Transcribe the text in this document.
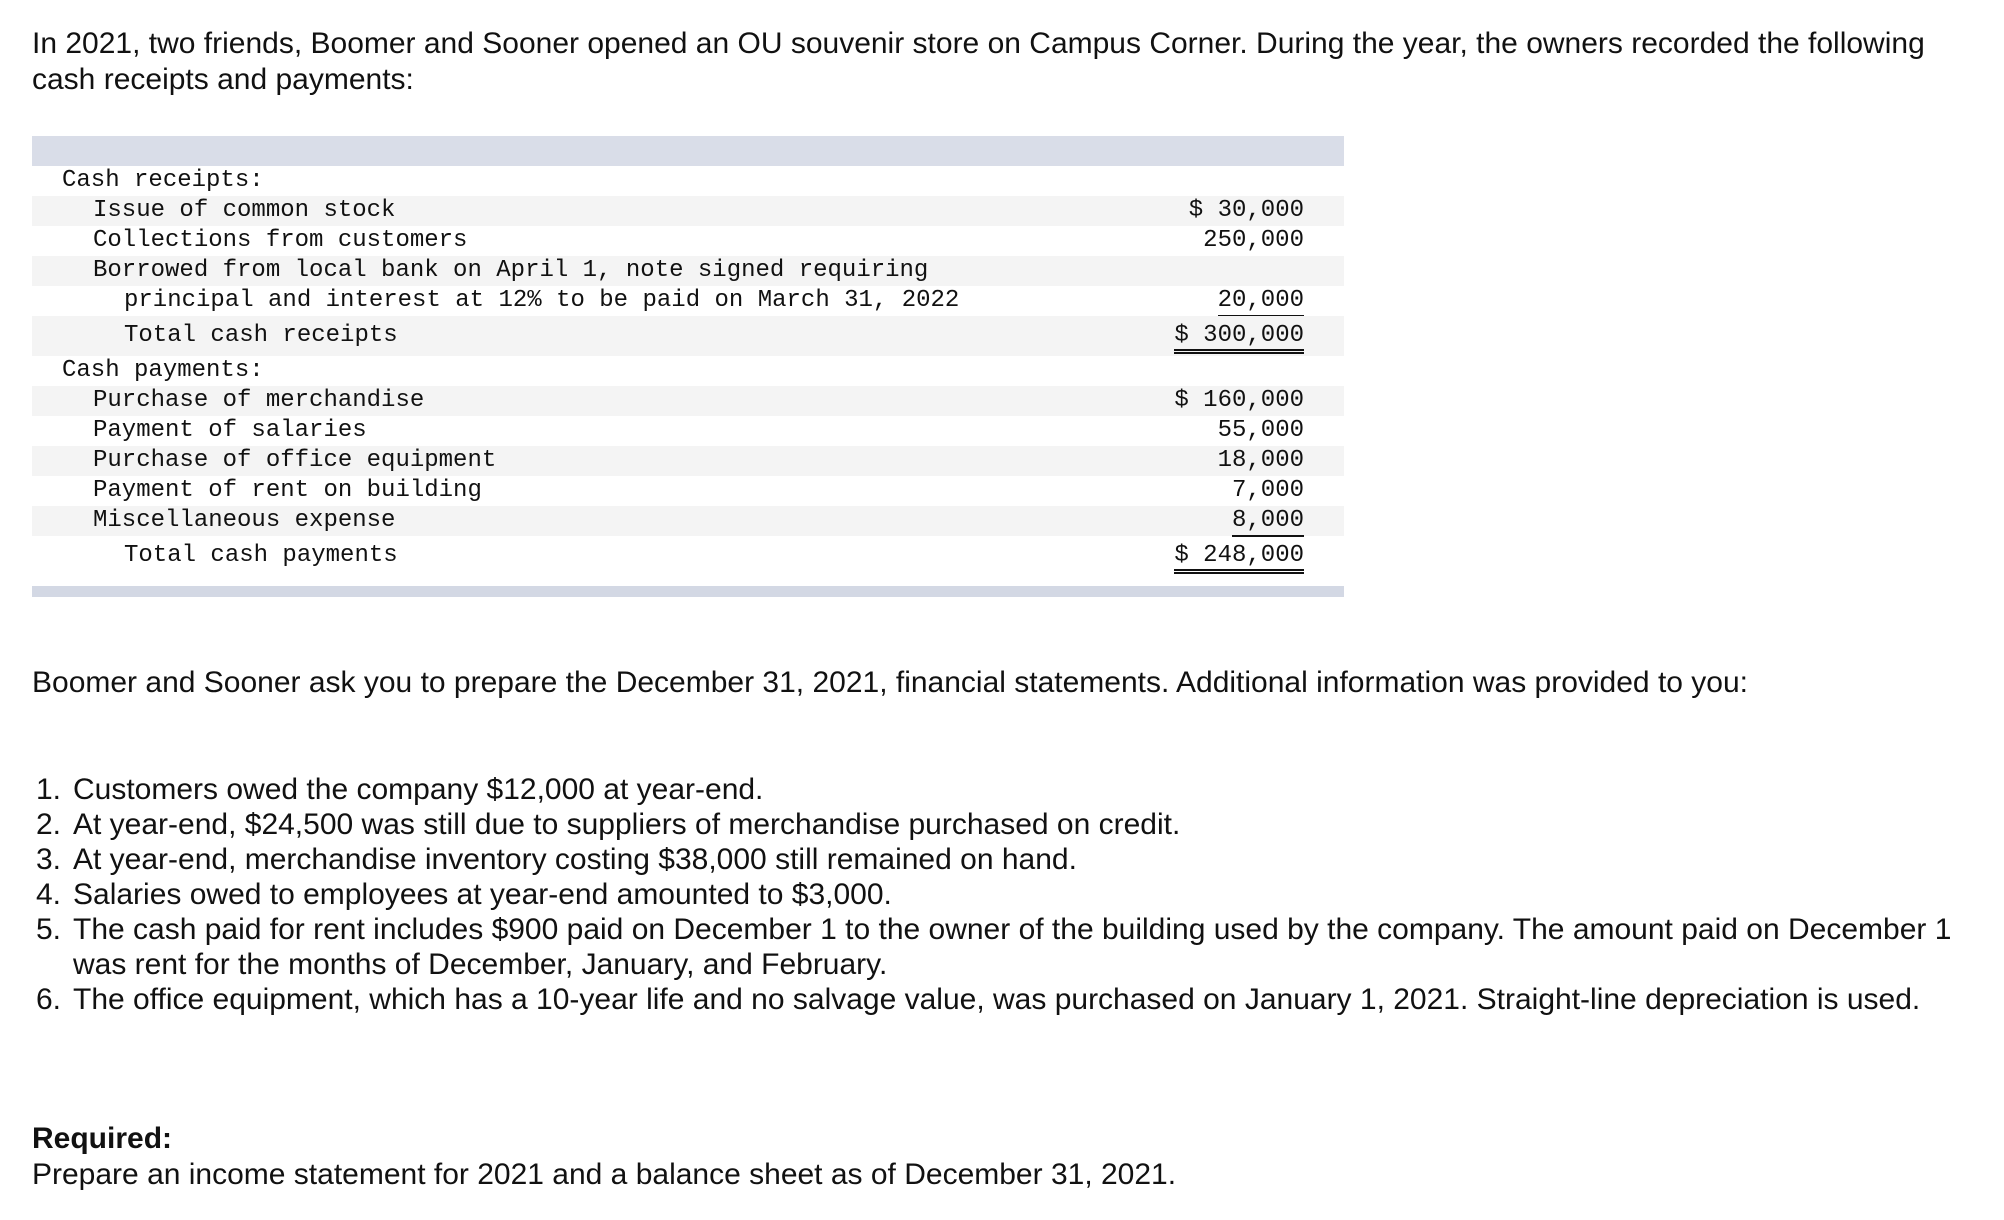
In 2021, two friends, Boomer and Sooner opened an OU souvenir store on Campus Corner. During the year, the owners recorded the following cash receipts and payments:

Cash receipts:
Issue of common stock	$ 30,000
Collections from customers	250,000
Borrowed from local bank on April 1, note signed requiring
principal and interest at 12% to be paid on March 31, 2022	20,000
Total cash receipts	$ 300,000
Cash payments:
Purchase of merchandise	$ 160,000
Payment of salaries	55,000
Purchase of office equipment	18,000
Payment of rent on building	7,000
Miscellaneous expense	8,000
Total cash payments	$ 248,000

Boomer and Sooner ask you to prepare the December 31, 2021, financial statements. Additional information was provided to you:

1. Customers owed the company $12,000 at year-end.
2. At year-end, $24,500 was still due to suppliers of merchandise purchased on credit.
3. At year-end, merchandise inventory costing $38,000 still remained on hand.
4. Salaries owed to employees at year-end amounted to $3,000.
5. The cash paid for rent includes $900 paid on December 1 to the owner of the building used by the company. The amount paid on December 1 was rent for the months of December, January, and February.
6. The office equipment, which has a 10-year life and no salvage value, was purchased on January 1, 2021. Straight-line depreciation is used.

Required:

Prepare an income statement for 2021 and a balance sheet as of December 31, 2021.
